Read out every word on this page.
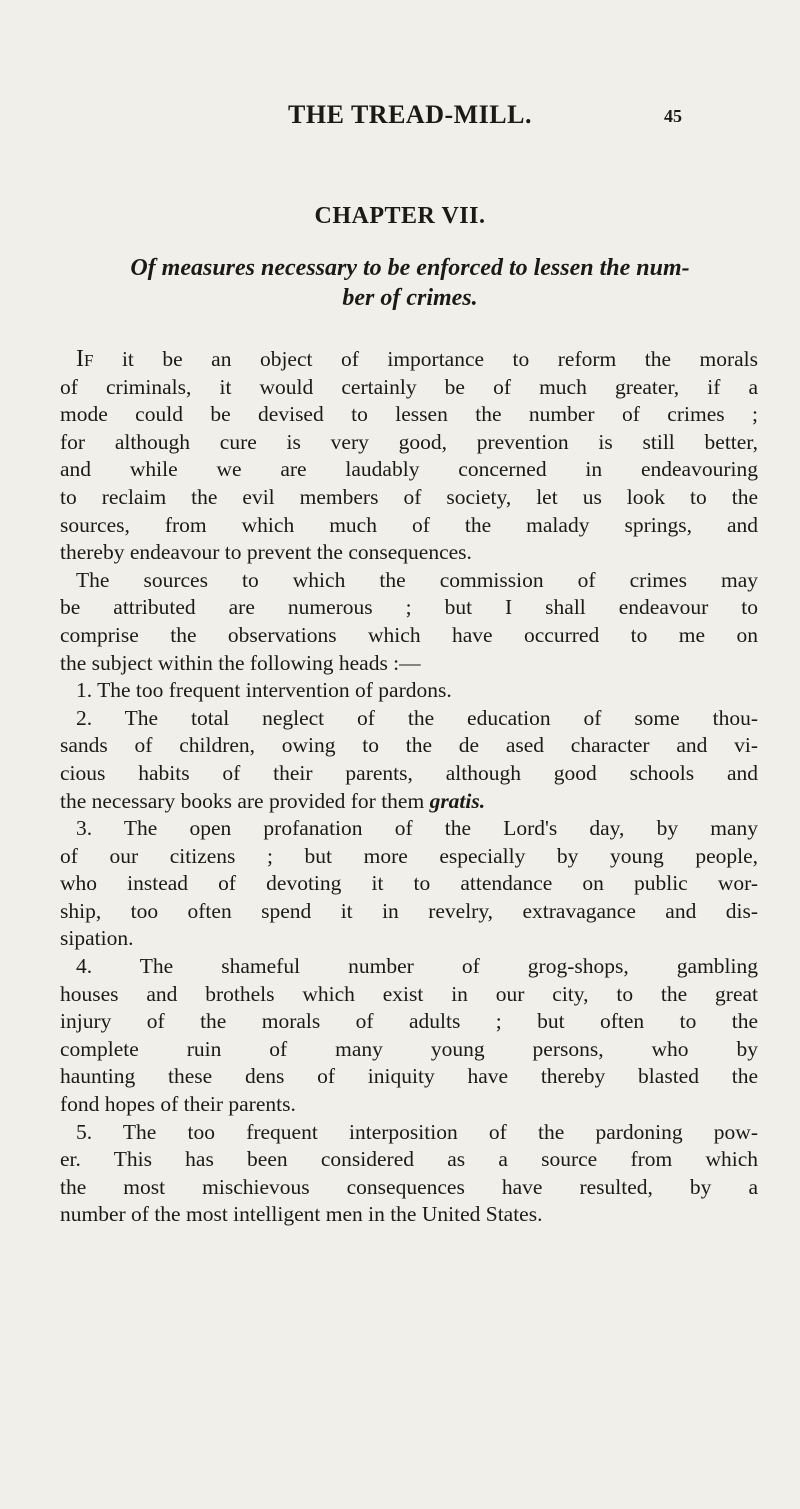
THE TREAD-MILL.	45
CHAPTER VII.
Of measures necessary to be enforced to lessen the num-
ber of crimes.
IF it be an object of importance to reform the morals
of criminals, it would certainly be of much greater, if a
mode could be devised to lessen the number of crimes ;
for although cure is very good, prevention is still better,
and while we are laudably concerned in endeavouring
to reclaim the evil members of society, let us look to the
sources, from which much of the malady springs, and
thereby endeavour to prevent the consequences.
The sources to which the commission of crimes may
be attributed are numerous ; but I shall endeavour to
comprise the observations which have occurred to me on
the subject within the following heads :—
1. The too frequent intervention of pardons.
2. The total neglect of the education of some thou-
sands of children, owing to the de ased character and vi-
cious habits of their parents, although good schools and
the necessary books are provided for them gratis.
3. The open profanation of the Lord's day, by many
of our citizens ; but more especially by young people,
who instead of devoting it to attendance on public wor-
ship, too often spend it in revelry, extravagance and dis-
sipation.
4. The shameful number of grog-shops, gambling
houses and brothels which exist in our city, to the great
injury of the morals of adults ; but often to the
complete ruin of many young persons, who by
haunting these dens of iniquity have thereby blasted the
fond hopes of their parents.
5. The too frequent interposition of the pardoning pow-
er. This has been considered as a source from which
the most mischievous consequences have resulted, by a
number of the most intelligent men in the United States.
